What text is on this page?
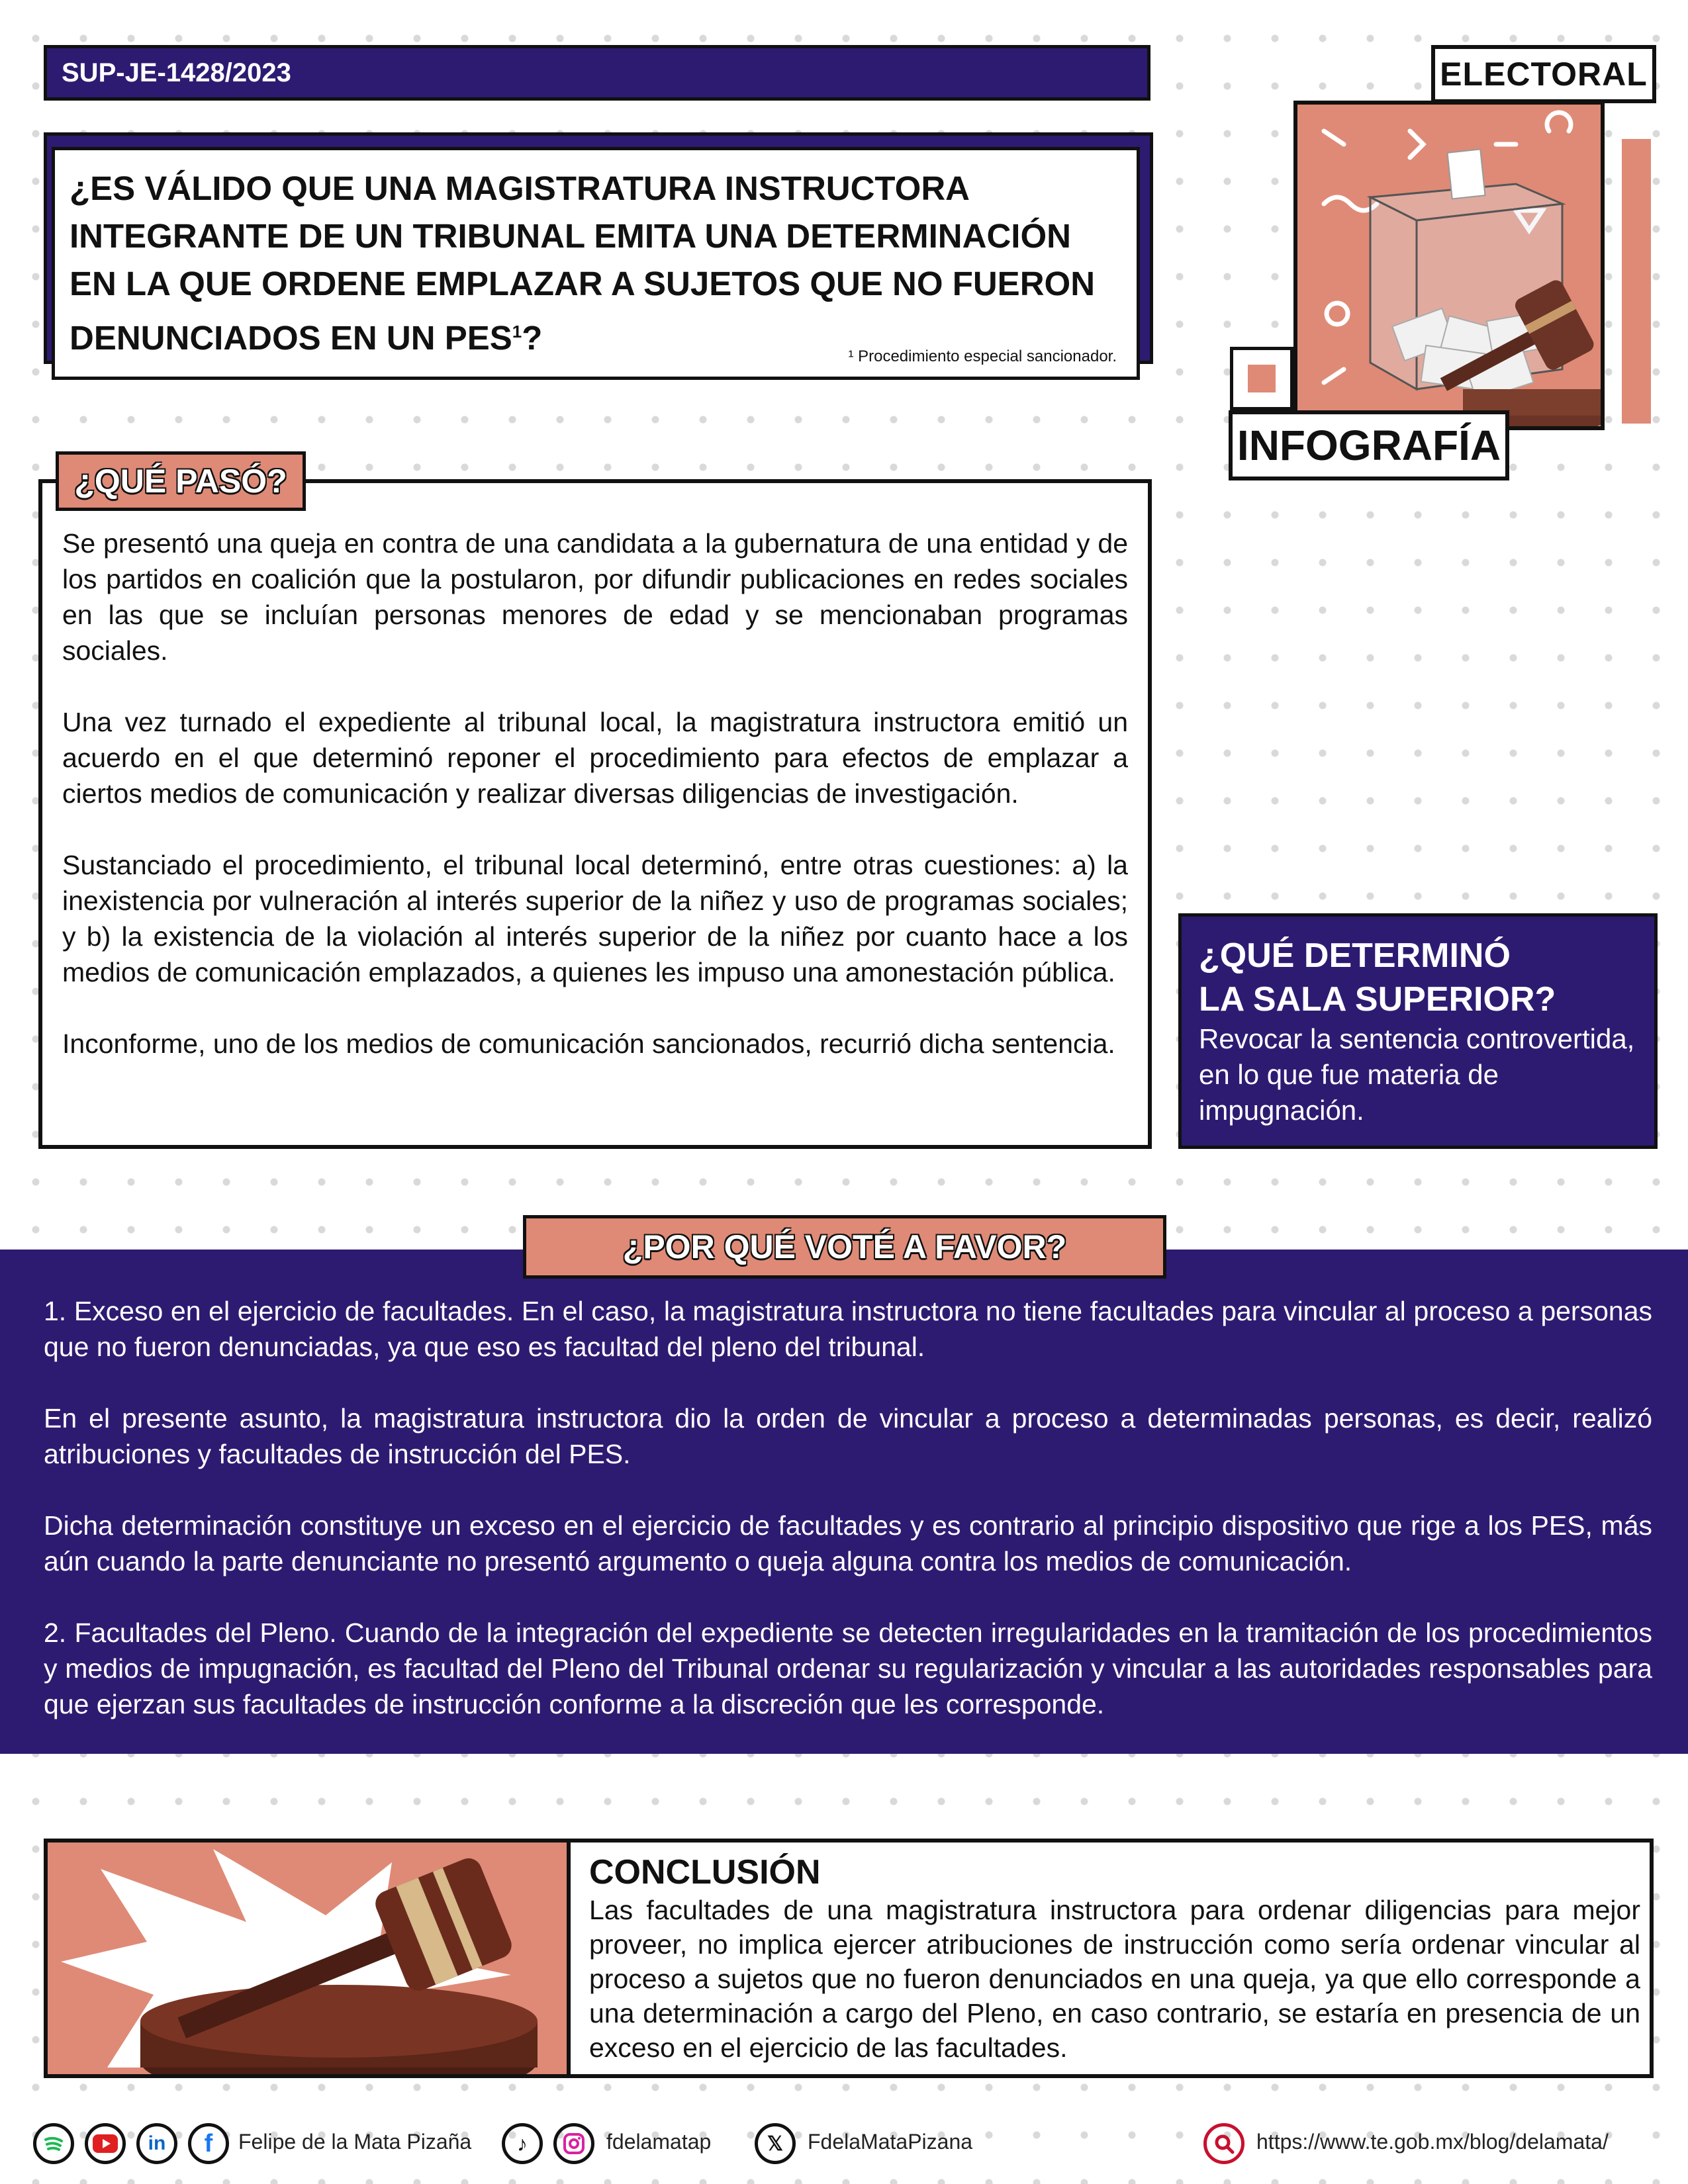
SUP-JE-1428/2023

¿ES VÁLIDO QUE UNA MAGISTRATURA INSTRUCTORA INTEGRANTE DE UN TRIBUNAL EMITA UNA DETERMINACIÓN EN LA QUE ORDENE EMPLAZAR A SUJETOS QUE NO FUERON DENUNCIADOS EN UN PES$^1$?	¹ Procedimiento especial sancionador.
ELECTORAL
INFOGRAFÍA
¿QUÉ PASÓ?

Se presentó una queja en contra de una candidata a la gubernatura de una entidad y de los partidos en coalición que la postularon, por difundir publicaciones en redes sociales en las que se incluían personas menores de edad y se mencionaban programas sociales.

Una vez turnado el expediente al tribunal local, la magistratura instructora emitió un acuerdo en el que determinó reponer el procedimiento para efectos de emplazar a ciertos medios de comunicación y realizar diversas diligencias de investigación.

Sustanciado el procedimiento, el tribunal local determinó, entre otras cuestiones: a) la inexistencia por vulneración al interés superior de la niñez y uso de programas sociales; y b) la existencia de la violación al interés superior de la niñez por cuanto hace a los medios de comunicación emplazados, a quienes les impuso una amonestación pública.

Inconforme, uno de los medios de comunicación sancionados, recurrió dicha sentencia.

¿QUÉ DETERMINÓ
LA SALA SUPERIOR?

Revocar la sentencia controvertida, en lo que fue materia de impugnación.

¿POR QUÉ VOTÉ A FAVOR?

1. Exceso en el ejercicio de facultades. En el caso, la magistratura instructora no tiene facultades para vincular al proceso a personas que no fueron denunciadas, ya que eso es facultad del pleno del tribunal.

En el presente asunto, la magistratura instructora dio la orden de vincular a proceso a determinadas personas, es decir, realizó atribuciones y facultades de instrucción del PES.

Dicha determinación constituye un exceso en el ejercicio de facultades y es contrario al principio dispositivo que rige a los PES, más aún cuando la parte denunciante no presentó argumento o queja alguna contra los medios de comunicación.

2. Facultades del Pleno. Cuando de la integración del expediente se detecten irregularidades en la tramitación de los procedimientos y medios de impugnación, es facultad del Pleno del Tribunal ordenar su regularización y vincular a las autoridades responsables para que ejerzan sus facultades de instrucción conforme a la discreción que les corresponde.

CONCLUSIÓN

Las facultades de una magistratura instructora para ordenar diligencias para mejor proveer, no implica ejercer atribuciones de instrucción como sería ordenar vincular al proceso a sujetos que no fueron denunciados en una queja, ya que ello corresponde a una determinación a cargo del Pleno, en caso contrario, se estaría en presencia de un exceso en el ejercicio de las facultades.

in	f	Felipe de la Mata Pizaña	♪	fdelamatap	𝕏	FdelaMataPizana	https://www.te.gob.mx/blog/delamata/
